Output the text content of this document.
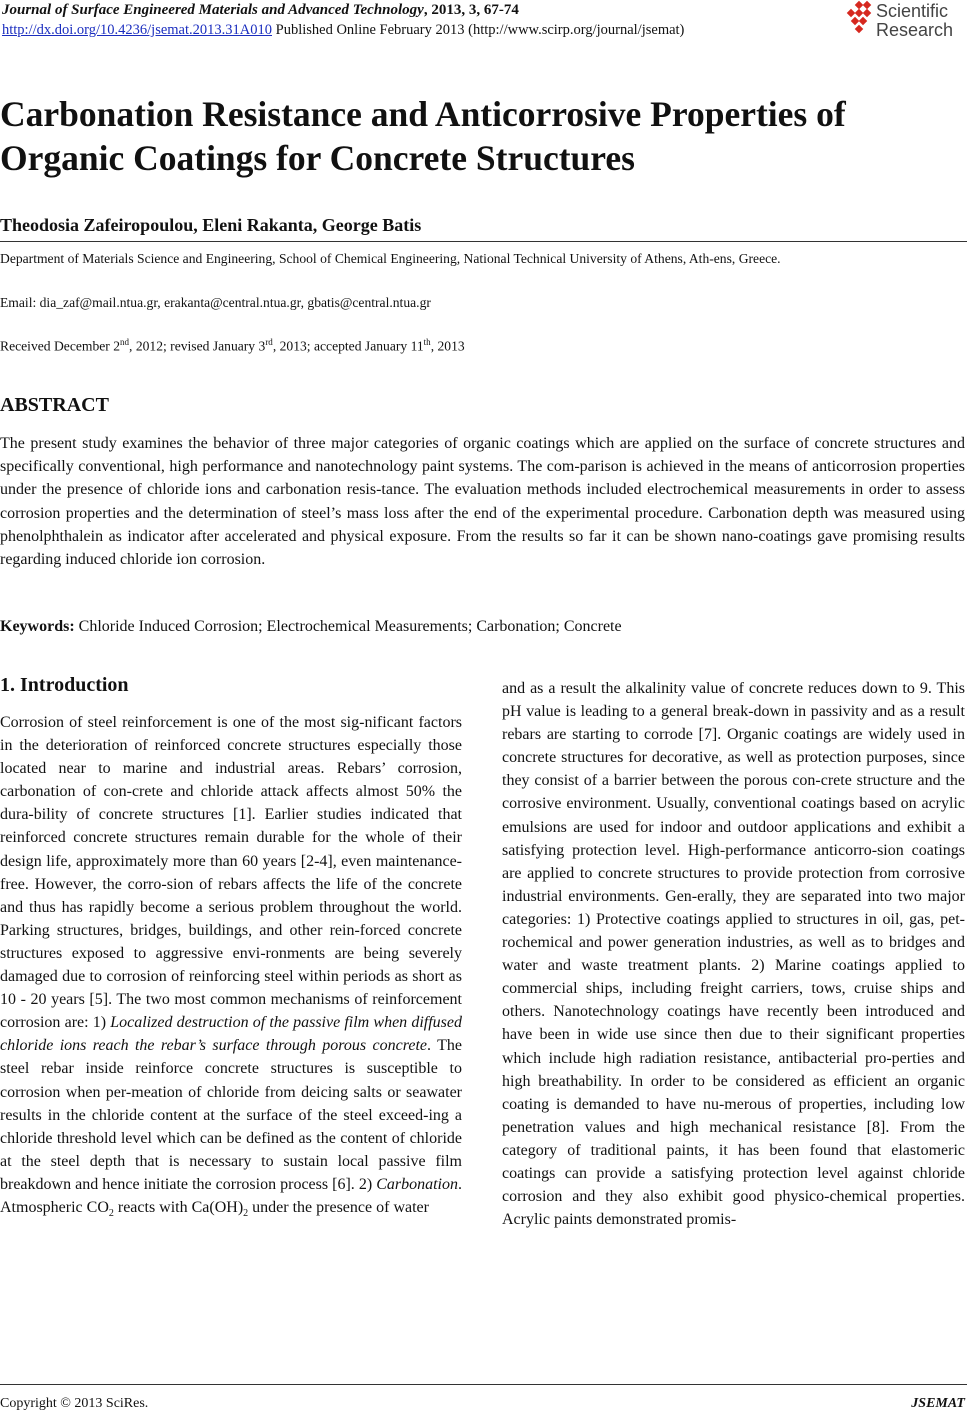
Journal of Surface Engineered Materials and Advanced Technology, 2013, 3, 67-74
http://dx.doi.org/10.4236/jsemat.2013.31A010 Published Online February 2013 (http://www.scirp.org/journal/jsemat)
Scientific
Research
Carbonation Resistance and Anticorrosive Properties of Organic Coatings for Concrete Structures
Theodosia Zafeiropoulou, Eleni Rakanta, George Batis
Department of Materials Science and Engineering, School of Chemical Engineering, National Technical University of Athens, Ath-ens, Greece.
Email: dia_zaf@mail.ntua.gr, erakanta@central.ntua.gr, gbatis@central.ntua.gr
Received December 2nd, 2012; revised January 3rd, 2013; accepted January 11th, 2013
ABSTRACT
The present study examines the behavior of three major categories of organic coatings which are applied on the surface of concrete structures and specifically conventional, high performance and nanotechnology paint systems. The com-parison is achieved in the means of anticorrosion properties under the presence of chloride ions and carbonation resis-tance. The evaluation methods included electrochemical measurements in order to assess corrosion properties and the determination of steel’s mass loss after the end of the experimental procedure. Carbonation depth was measured using phenolphthalein as indicator after accelerated and physical exposure. From the results so far it can be shown nano-coatings gave promising results regarding induced chloride ion corrosion.
Keywords: Chloride Induced Corrosion; Electrochemical Measurements; Carbonation; Concrete
1. Introduction

Corrosion of steel reinforcement is one of the most sig-nificant factors in the deterioration of reinforced concrete structures especially those located near to marine and industrial areas. Rebars’ corrosion, carbonation of con-crete and chloride attack affects almost 50% the dura-bility of concrete structures [1]. Earlier studies indicated that reinforced concrete structures remain durable for the whole of their design life, approximately more than 60 years [2-4], even maintenance-free. However, the corro-sion of rebars affects the life of the concrete and thus has rapidly become a serious problem throughout the world. Parking structures, bridges, buildings, and other rein-forced concrete structures exposed to aggressive envi-ronments are being severely damaged due to corrosion of reinforcing steel within periods as short as 10 - 20 years [5]. The two most common mechanisms of reinforcement corrosion are: 1) Localized destruction of the passive film when diffused chloride ions reach the rebar’s surface through porous concrete. The steel rebar inside reinforce concrete structures is susceptible to corrosion when per-meation of chloride from deicing salts or seawater results in the chloride content at the surface of the steel exceed-ing a chloride threshold level which can be defined as the content of chloride at the steel depth that is necessary to sustain local passive film breakdown and hence initiate the corrosion process [6]. 2) Carbonation. Atmospheric $CO_2$ reacts with $Ca(OH)_2$ under the presence of water

and as a result the alkalinity value of concrete reduces down to 9. This pH value is leading to a general break-down in passivity and as a result rebars are starting to corrode [7]. Organic coatings are widely used in concrete structures for decorative, as well as protection purposes, since they consist of a barrier between the porous con-crete structure and the corrosive environment. Usually, conventional coatings based on acrylic emulsions are used for indoor and outdoor applications and exhibit a satisfying protection level. High-performance anticorro-sion coatings are applied to concrete structures to provide protection from corrosive industrial environments. Gen-erally, they are separated into two major categories: 1) Protective coatings applied to structures in oil, gas, pet-rochemical and power generation industries, as well as to bridges and water and waste treatment plants. 2) Marine coatings applied to commercial ships, including freight carriers, tows, cruise ships and others. Nanotechnology coatings have recently been introduced and have been in wide use since then due to their significant properties which include high radiation resistance, antibacterial pro-perties and high breathability. In order to be considered as efficient an organic coating is demanded to have nu-merous of properties, including low penetration values and high mechanical resistance [8]. From the category of traditional paints, it has been found that elastomeric coatings can provide a satisfying protection level against chloride corrosion and they also exhibit good physico-chemical properties. Acrylic paints demonstrated promis-

Copyright © 2013 SciRes.	JSEMAT
